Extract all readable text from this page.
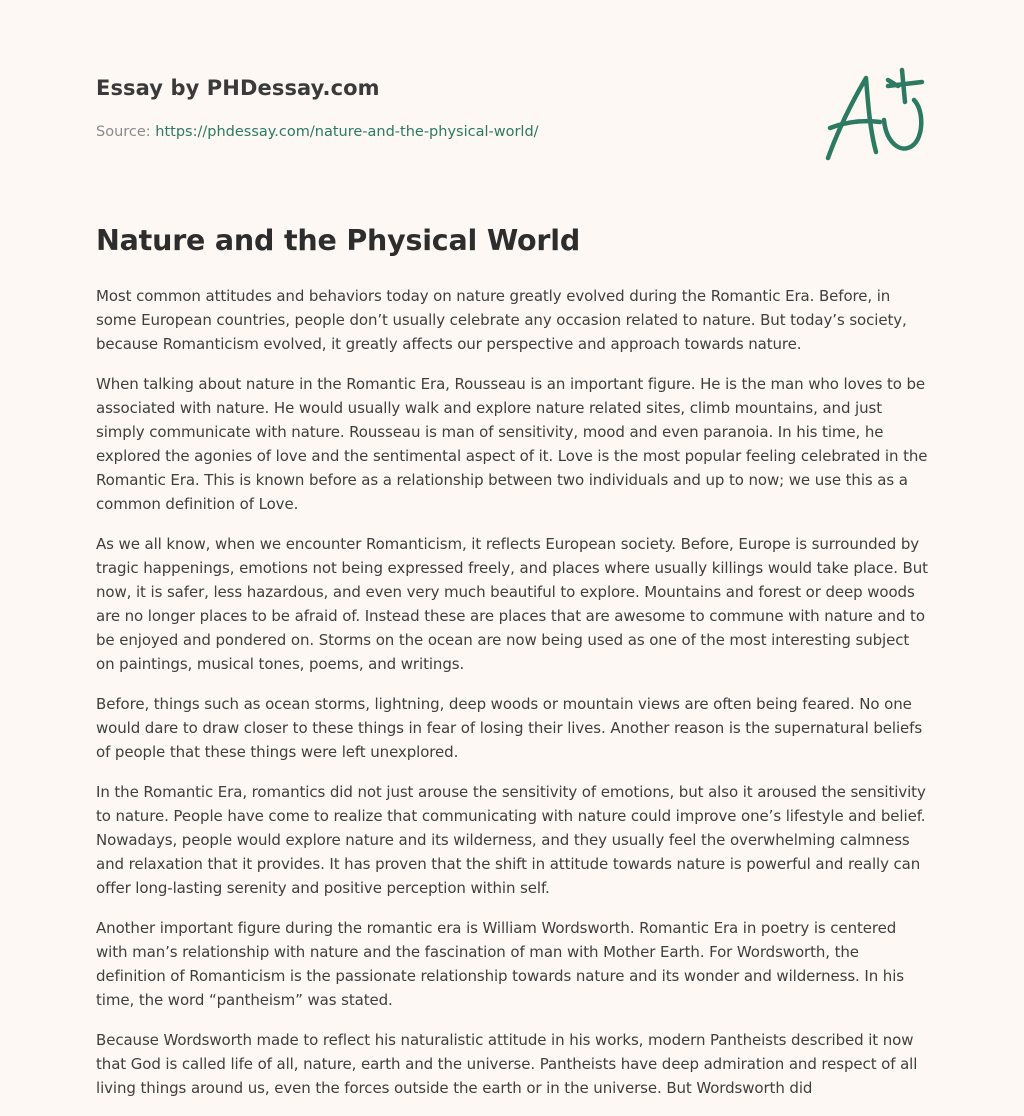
Essay by PHDessay.com
Source: https://phdessay.com/nature-and-the-physical-world/
Nature and the Physical World

Most common attitudes and behaviors today on nature greatly evolved during the Romantic Era. Before, in some European countries, people don’t usually celebrate any occasion related to nature. But today’s society, because Romanticism evolved, it greatly affects our perspective and approach towards nature.

When talking about nature in the Romantic Era, Rousseau is an important figure. He is the man who loves to be associated with nature. He would usually walk and explore nature related sites, climb mountains, and just simply communicate with nature. Rousseau is man of sensitivity, mood and even paranoia. In his time, he explored the agonies of love and the sentimental aspect of it. Love is the most popular feeling celebrated in the Romantic Era. This is known before as a relationship between two individuals and up to now; we use this as a common definition of Love.

As we all know, when we encounter Romanticism, it reflects European society. Before, Europe is surrounded by tragic happenings, emotions not being expressed freely, and places where usually killings would take place. But now, it is safer, less hazardous, and even very much beautiful to explore. Mountains and forest or deep woods are no longer places to be afraid of. Instead these are places that are awesome to commune with nature and to be enjoyed and pondered on. Storms on the ocean are now being used as one of the most interesting subject on paintings, musical tones, poems, and writings.

Before, things such as ocean storms, lightning, deep woods or mountain views are often being feared. No one would dare to draw closer to these things in fear of losing their lives. Another reason is the supernatural beliefs of people that these things were left unexplored.

In the Romantic Era, romantics did not just arouse the sensitivity of emotions, but also it aroused the sensitivity to nature. People have come to realize that communicating with nature could improve one’s lifestyle and belief. Nowadays, people would explore nature and its wilderness, and they usually feel the overwhelming calmness and relaxation that it provides. It has proven that the shift in attitude towards nature is powerful and really can offer long-lasting serenity and positive perception within self.

Another important figure during the romantic era is William Wordsworth. Romantic Era in poetry is centered with man’s relationship with nature and the fascination of man with Mother Earth. For Wordsworth, the definition of Romanticism is the passionate relationship towards nature and its wonder and wilderness. In his time, the word “pantheism” was stated.

Because Wordsworth made to reflect his naturalistic attitude in his works, modern Pantheists described it now that God is called life of all, nature, earth and the universe. Pantheists have deep admiration and respect of all living things around us, even the forces outside the earth or in the universe. But Wordsworth did
